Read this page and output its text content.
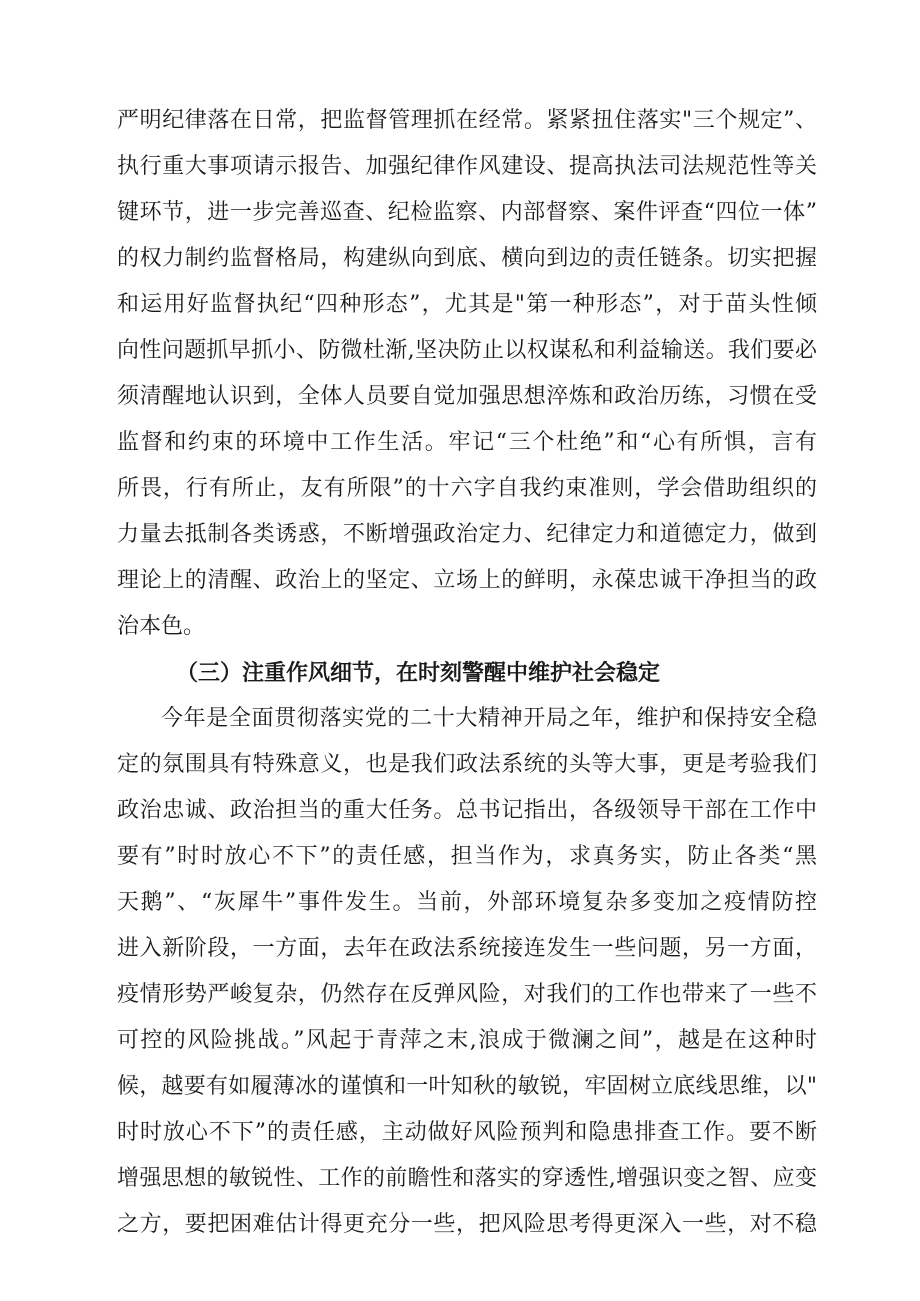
严明纪律落在日常，把监督管理抓在经常。紧紧扭住落实"三个规定”、

执行重大事项请示报告、加强纪律作风建设、提高执法司法规范性等关

键环节，进一步完善巡查、纪检监察、内部督察、案件评查“四位一体”

的权力制约监督格局，构建纵向到底、横向到边的责任链条。切实把握

和运用好监督执纪“四种形态”，尤其是"第一种形态”，对于苗头性倾

向性问题抓早抓小、防微杜渐,坚决防止以权谋私和利益输送。我们要必

须清醒地认识到，全体人员要自觉加强思想淬炼和政治历练，习惯在受

监督和约束的环境中工作生活。牢记“三个杜绝”和“心有所惧，言有

所畏，行有所止，友有所限”的十六字自我约束准则，学会借助组织的

力量去抵制各类诱惑，不断增强政治定力、纪律定力和道德定力，做到

理论上的清醒、政治上的坚定、立场上的鲜明，永葆忠诚干净担当的政

治本色。

（三）注重作风细节，在时刻警醒中维护社会稳定

今年是全面贯彻落实党的二十大精神开局之年，维护和保持安全稳

定的氛围具有特殊意义，也是我们政法系统的头等大事，更是考验我们

政治忠诚、政治担当的重大任务。总书记指出，各级领导干部在工作中

要有”时时放心不下”的责任感，担当作为，求真务实，防止各类“黑

天鹅”、“灰犀牛”事件发生。当前，外部环境复杂多变加之疫情防控

进入新阶段，一方面，去年在政法系统接连发生一些问题，另一方面，

疫情形势严峻复杂，仍然存在反弹风险，对我们的工作也带来了一些不

可控的风险挑战。”风起于青萍之末,浪成于微澜之间”，越是在这种时

候，越要有如履薄冰的谨慎和一叶知秋的敏锐，牢固树立底线思维，以"

时时放心不下”的责任感，主动做好风险预判和隐患排查工作。要不断

增强思想的敏锐性、工作的前瞻性和落实的穿透性,增强识变之智、应变

之方，要把困难估计得更充分一些，把风险思考得更深入一些，对不稳
